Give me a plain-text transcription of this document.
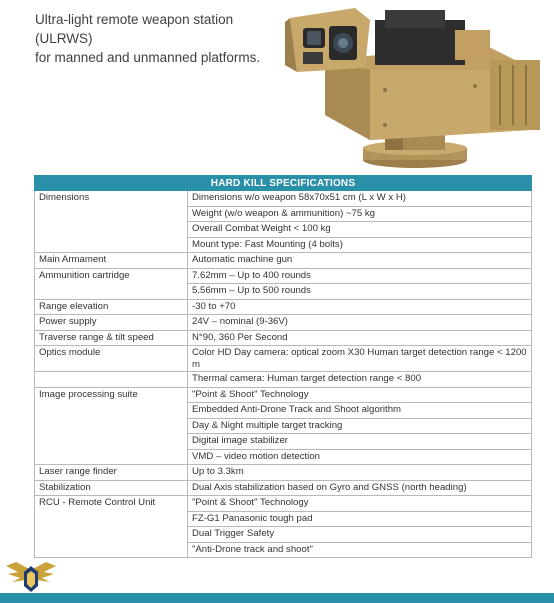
Ultra-light remote weapon station (ULRWS)
for manned and unmanned platforms.
HARD KILL SPECIFICATIONS	
Dimensions	Dimensions w/o weapon 58x70x51 cm (L x W x H)
	Weight (w/o weapon & ammunition) ~75 kg
	Overall Combat Weight < 100 kg
	Mount type: Fast Mounting (4 bolts)
Main Armament	Automatic machine gun
Ammunition cartridge	7.62mm – Up to 400 rounds
	5.56mm – Up to 500 rounds
Range elevation	-30 to +70
Power supply	24V – nominal (9-36V)
Traverse range & tilt speed	N°90, 360 Per Second
Optics module	Color HD Day camera: optical zoom X30 Human target detection range < 1200 m
	Thermal camera: Human target detection range < 800
Image processing suite	"Point & Shoot" Technology
	Embedded Anti-Drone Track and Shoot algorithm
	Day & Night multiple target tracking
	Digital image stabilizer
	VMD – video motion detection
Laser range finder	Up to 3.3km
Stabilization	Dual Axis stabilization based on Gyro and GNSS (north heading)
RCU - Remote Control Unit	"Point & Shoot" Technology
	FZ-G1 Panasonic tough pad
	Dual Trigger Safety
	"Anti-Drone track and shoot"
